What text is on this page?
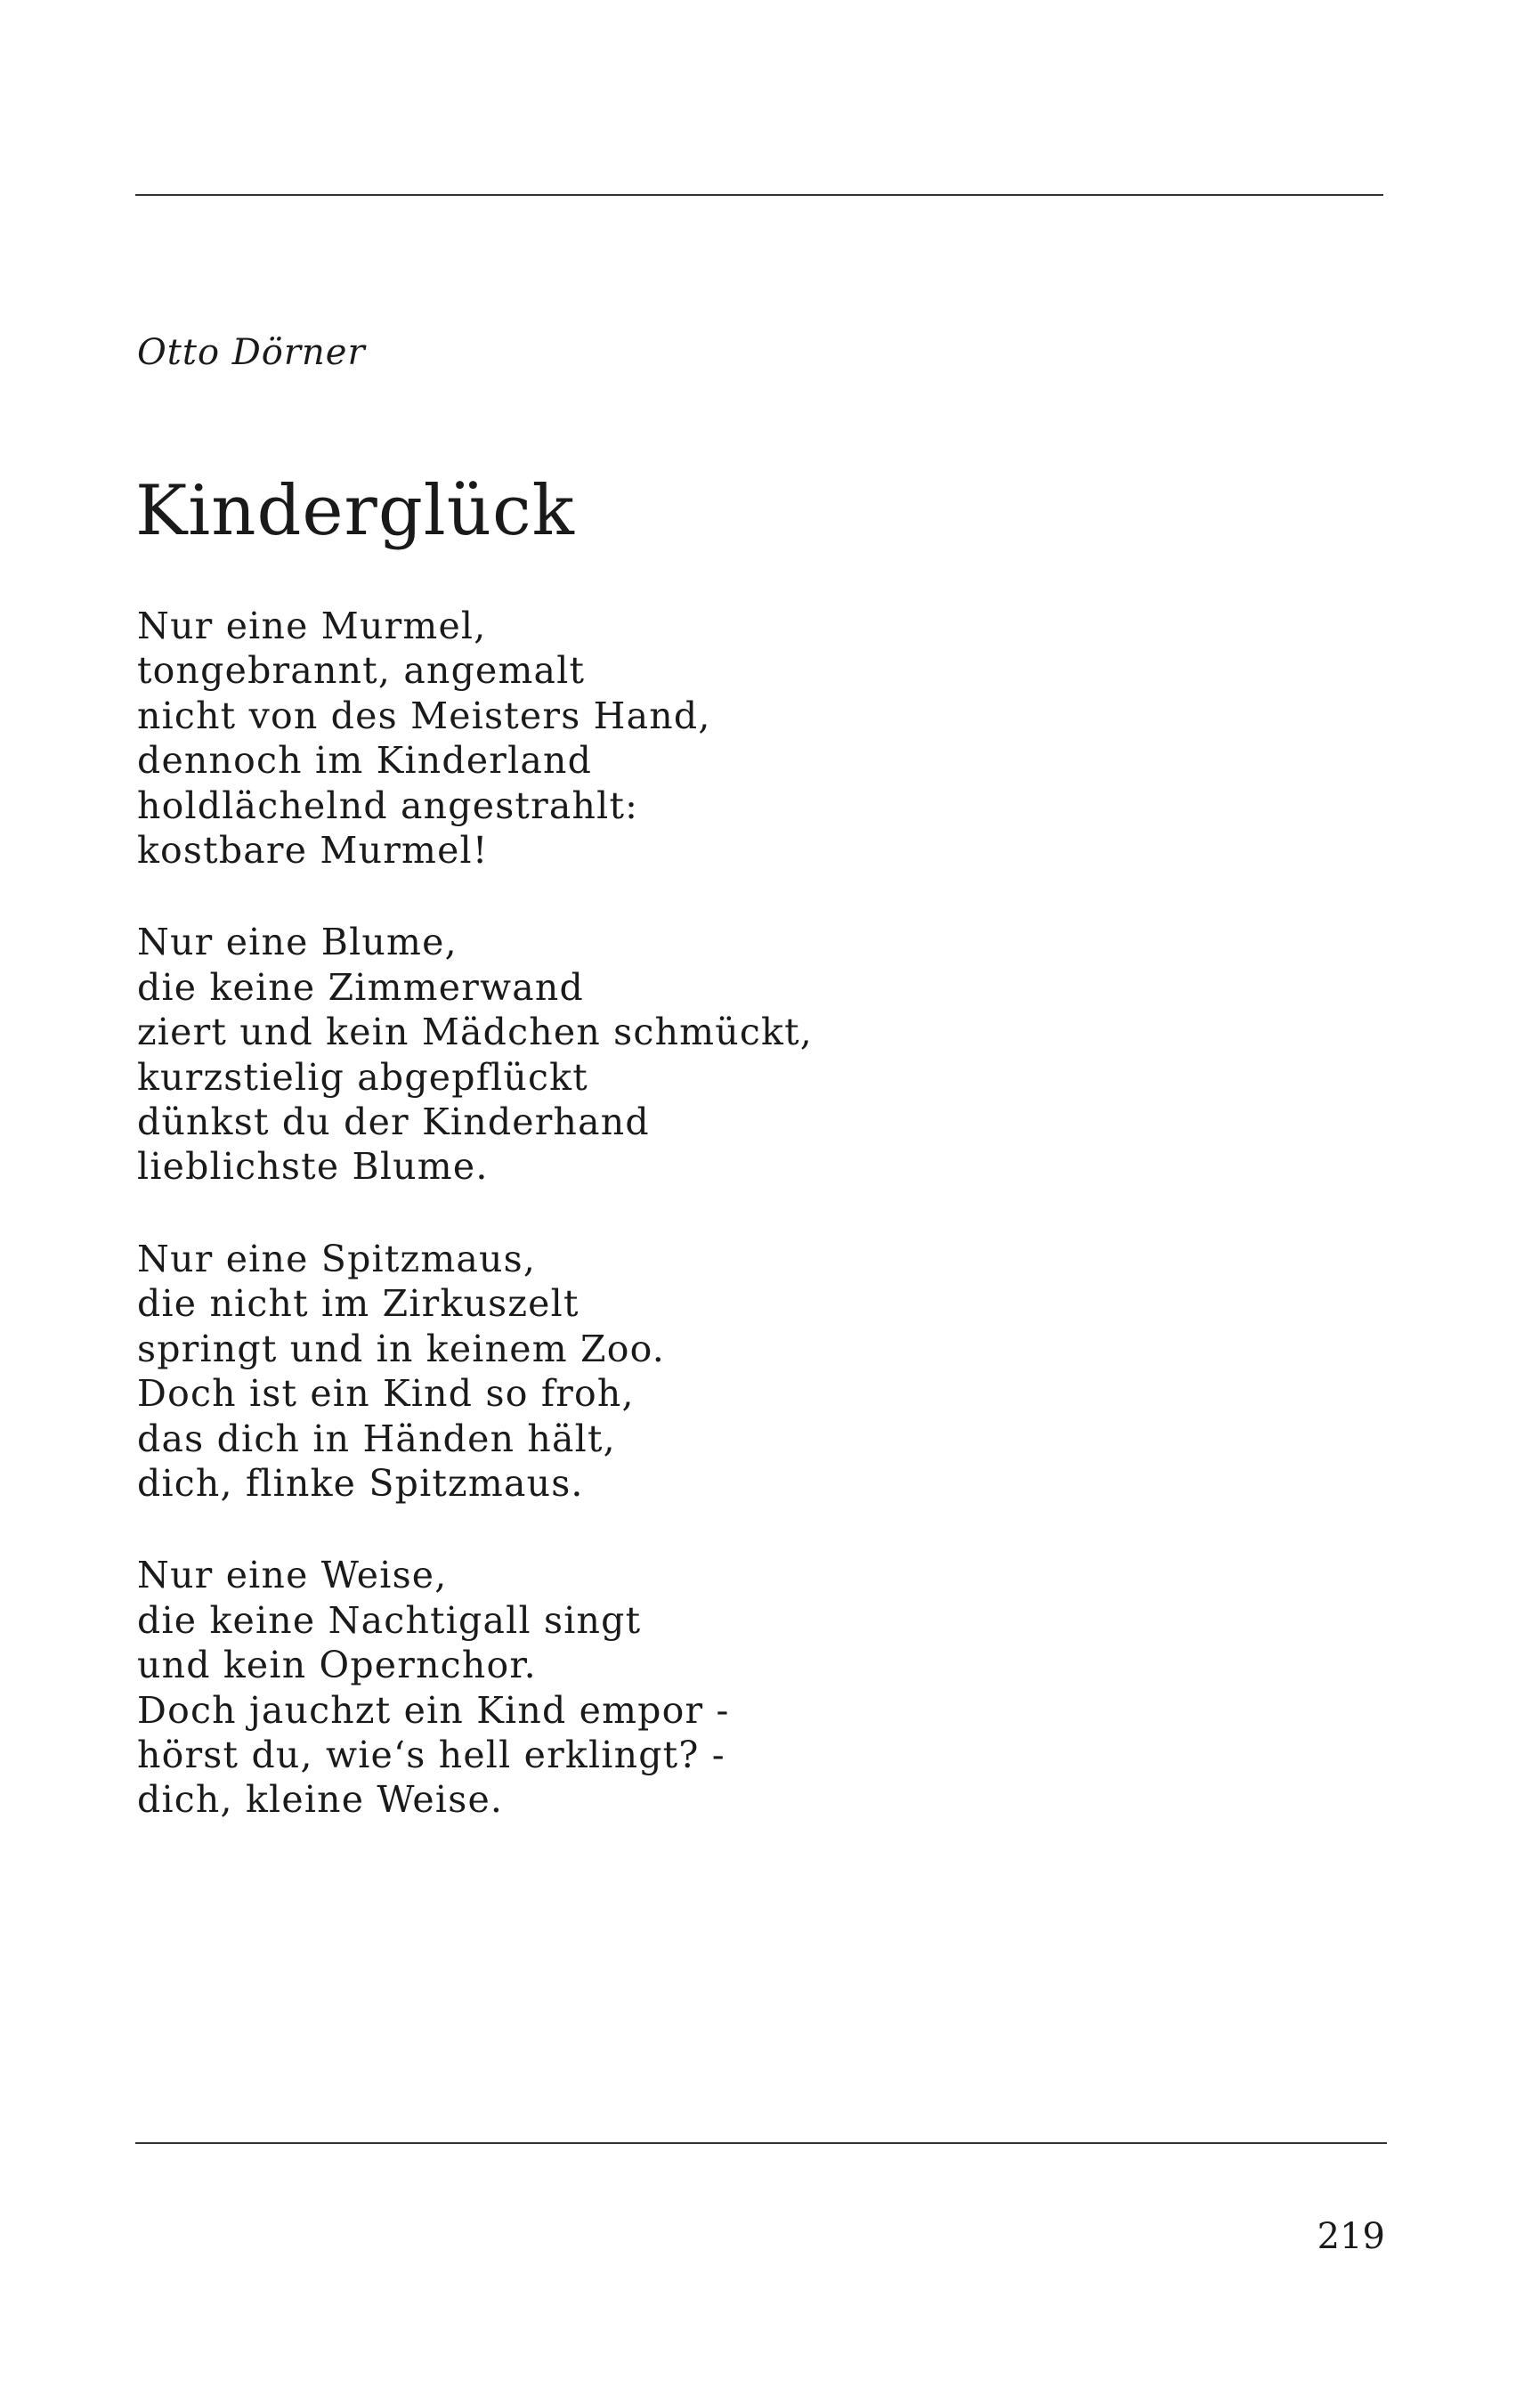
Otto Dörner
Kinderglück
Nur eine Murmel,
tongebrannt, angemalt
nicht von des Meisters Hand,
dennoch im Kinderland
holdlächelnd angestrahlt:
kostbare Murmel!
Nur eine Blume,
die keine Zimmerwand
ziert und kein Mädchen schmückt,
kurzstielig abgepflückt
dünkst du der Kinderhand
lieblichste Blume.
Nur eine Spitzmaus,
die nicht im Zirkuszelt
springt und in keinem Zoo.
Doch ist ein Kind so froh,
das dich in Händen hält,
dich, flinke Spitzmaus.
Nur eine Weise,
die keine Nachtigall singt
und kein Opernchor.
Doch jauchzt ein Kind empor -
hörst du, wie‘s hell erklingt? -
dich, kleine Weise.
219
